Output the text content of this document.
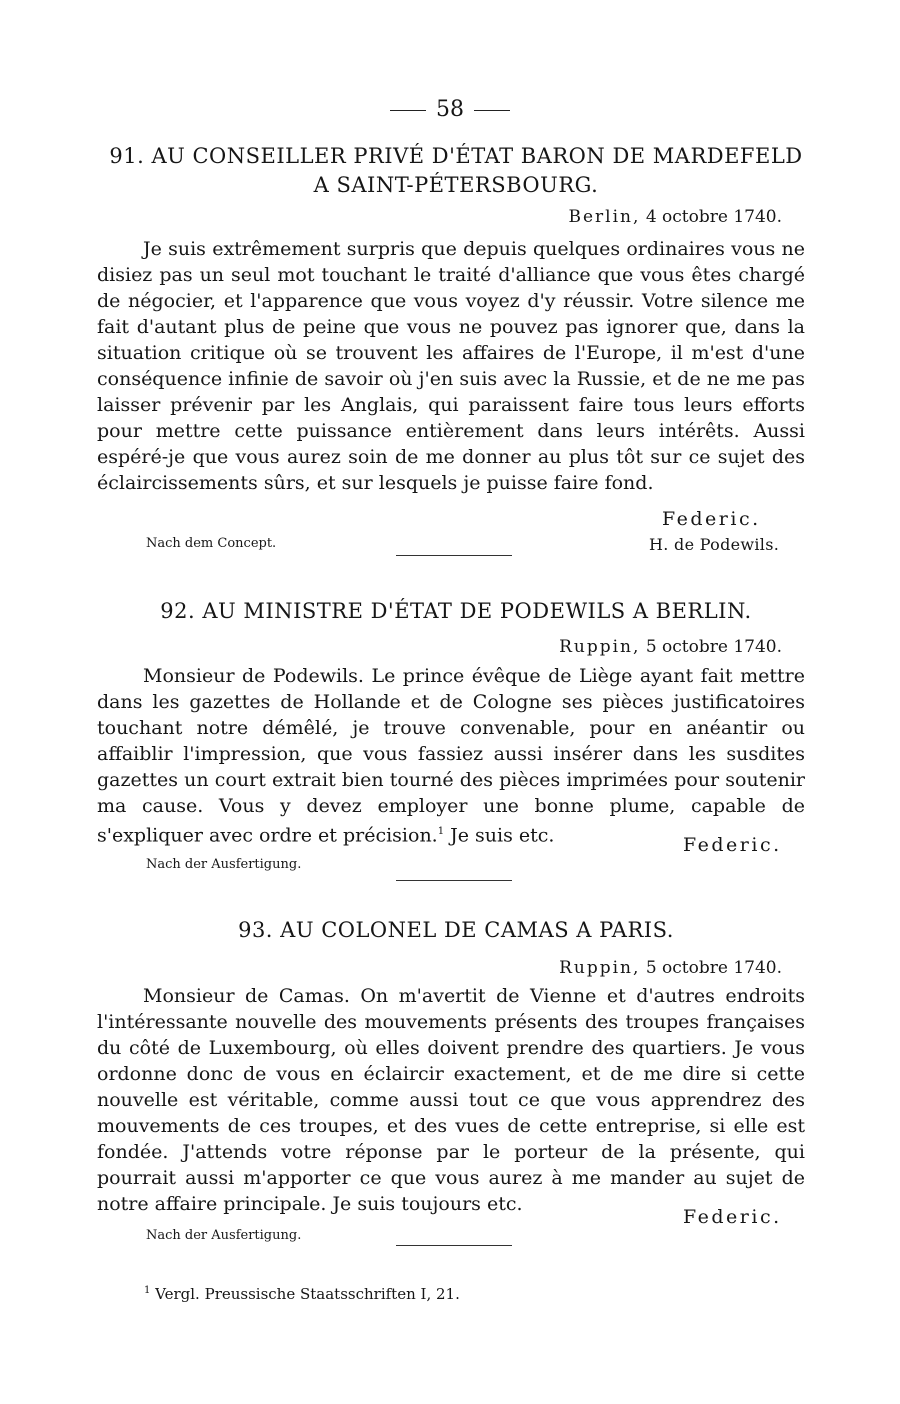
58
91. AU CONSEILLER PRIVÉ D'ÉTAT BARON DE MARDEFELD
A SAINT-PÉTERSBOURG.
Berlin, 4 octobre 1740.

Je suis extrêmement surpris que depuis quelques ordinaires vous ne disiez pas un seul mot touchant le traité d'alliance que vous êtes chargé de négocier, et l'apparence que vous voyez d'y réussir. Votre silence me fait d'autant plus de peine que vous ne pouvez pas ignorer que, dans la situation critique où se trouvent les affaires de l'Europe, il m'est d'une conséquence infinie de savoir où j'en suis avec la Russie, et de ne me pas laisser prévenir par les Anglais, qui paraissent faire tous leurs efforts pour mettre cette puissance entièrement dans leurs intérêts. Aussi espéré-je que vous aurez soin de me donner au plus tôt sur ce sujet des éclaircissements sûrs, et sur lesquels je puisse faire fond.

Federic.
Nach dem Concept.	H. de Podewils.
92. AU MINISTRE D'ÉTAT DE PODEWILS A BERLIN.
Ruppin, 5 octobre 1740.

Monsieur de Podewils. Le prince évêque de Liège ayant fait mettre dans les gazettes de Hollande et de Cologne ses pièces justificatoires touchant notre démêlé, je trouve convenable, pour en anéantir ou affaiblir l'impression, que vous fassiez aussi insérer dans les susdites gazettes un court extrait bien tourné des pièces imprimées pour soutenir ma cause. Vous y devez employer une bonne plume, capable de s'expliquer avec ordre et précision.$^1$ Je suis etc.	Federic.
Nach der Ausfertigung.
93. AU COLONEL DE CAMAS A PARIS.
Ruppin, 5 octobre 1740.

Monsieur de Camas. On m'avertit de Vienne et d'autres endroits l'intéressante nouvelle des mouvements présents des troupes françaises du côté de Luxembourg, où elles doivent prendre des quartiers. Je vous ordonne donc de vous en éclaircir exactement, et de me dire si cette nouvelle est véritable, comme aussi tout ce que vous apprendrez des mouvements de ces troupes, et des vues de cette entreprise, si elle est fondée. J'attends votre réponse par le porteur de la présente, qui pourrait aussi m'apporter ce que vous aurez à me mander au sujet de notre affaire principale. Je suis toujours etc.

Federic.
Nach der Ausfertigung.
$^1$ Vergl. Preussische Staatsschriften I, 21.
